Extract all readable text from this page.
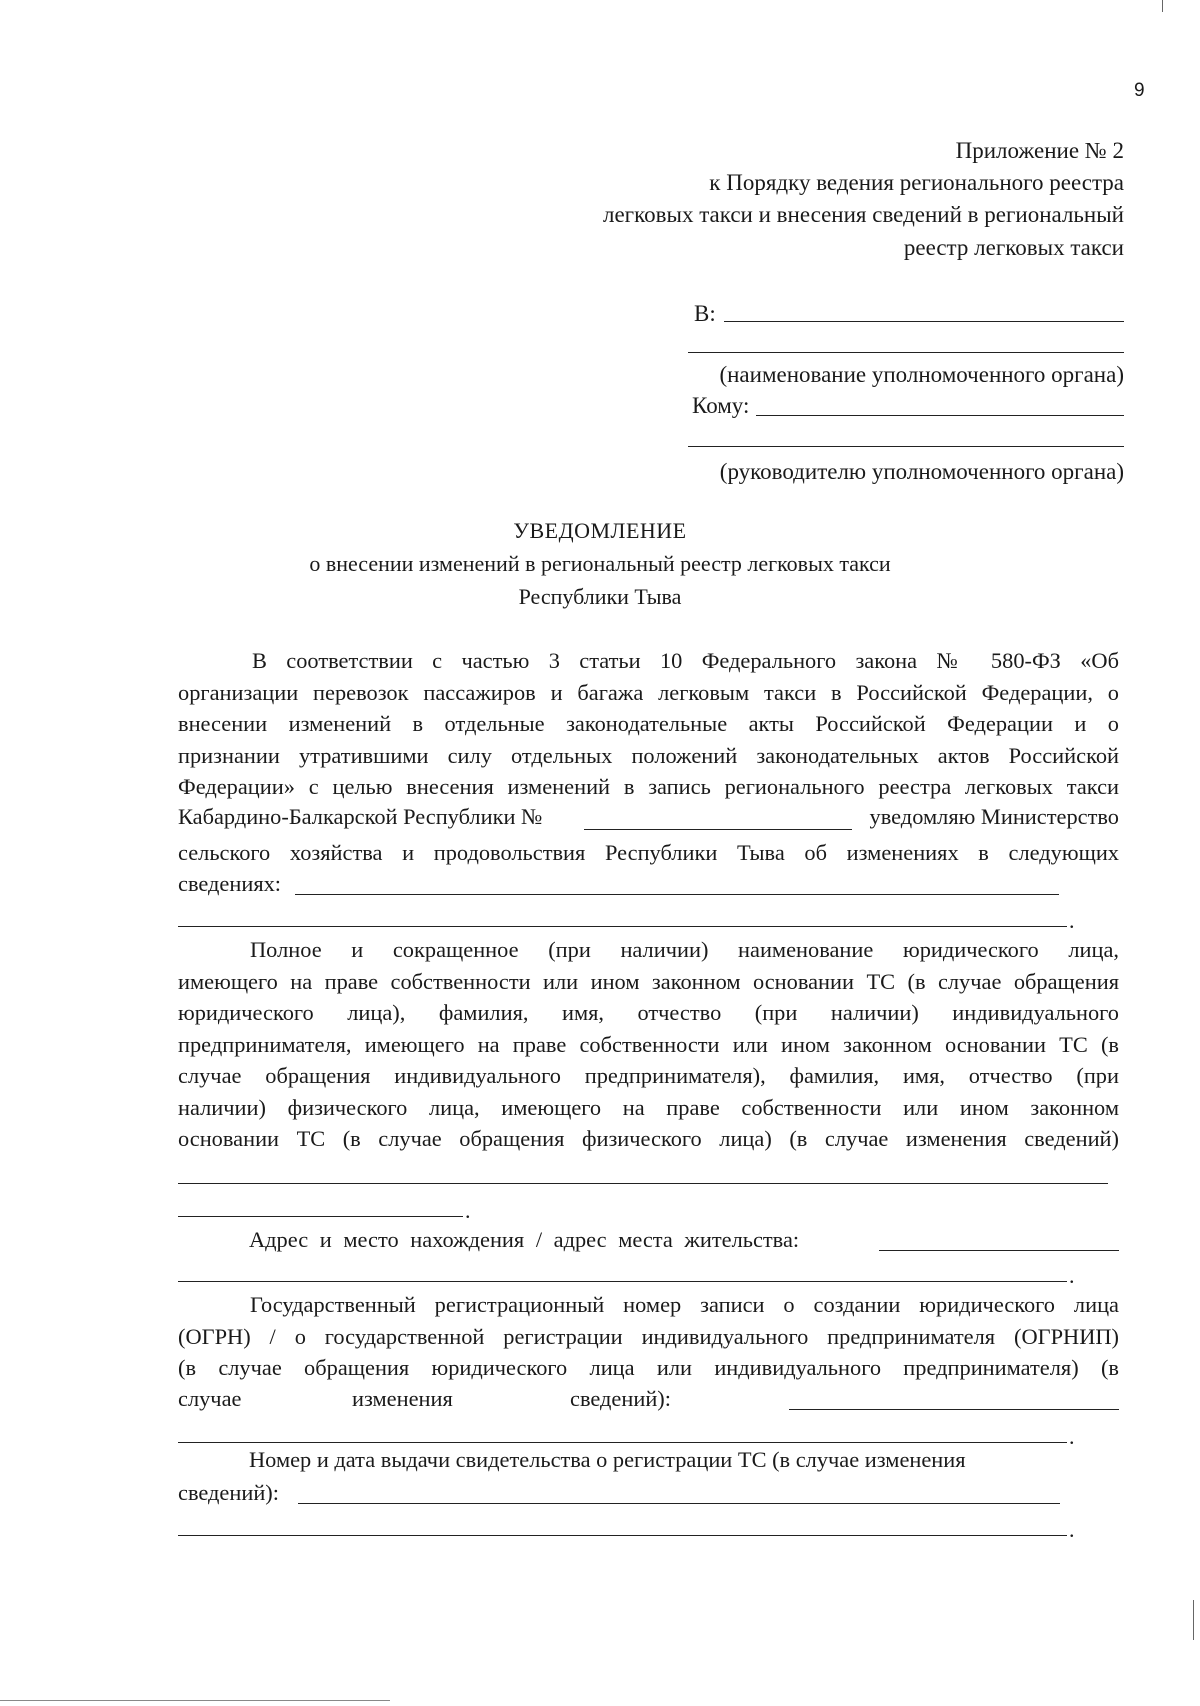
9
Приложение № 2
к Порядку ведения регионального реестра
легковых такси и внесения сведений в региональный
реестр легковых такси
В:
(наименование уполномоченного органа)
Кому:
(руководителю уполномоченного органа)
УВЕДОМЛЕНИЕ
о внесении изменений в региональный реестр легковых такси
Республики Тыва
В соответствии с частью 3 статьи 10 Федерального закона № 580-ФЗ «Об
организации перевозок пассажиров и багажа легковым такси в Российской Федерации, о
внесении изменений в отдельные законодательные акты Российской Федерации и о
признании утратившими силу отдельных положений законодательных актов Российской
Федерации» с целью внесения изменений в запись регионального реестра легковых такси
Кабардино-Балкарской Республики №	уведомляю Министерство
сельского хозяйства и продовольствия Республики Тыва об изменениях в следующих
сведениях:
.
Полное и сокращенное (при наличии) наименование юридического лица,
имеющего на праве собственности или ином законном основании ТС (в случае обращения
юридического лица), фамилия, имя, отчество (при наличии) индивидуального
предпринимателя, имеющего на праве собственности или ином законном основании ТС (в
случае обращения индивидуального предпринимателя), фамилия, имя, отчество (при
наличии) физического лица, имеющего на праве собственности или ином законном
основании ТС (в случае обращения физического лица) (в случае изменения сведений)
.
Адрес и место нахождения / адрес места жительства:
.
Государственный регистрационный номер записи о создании юридического лица
(ОГРН) / о государственной регистрации индивидуального предпринимателя (ОГРНИП)
(в случае обращения юридического лица или индивидуального предпринимателя) (в
случае	изменения	сведений):
.
Номер и дата выдачи свидетельства о регистрации ТС (в случае изменения
сведений):
.
